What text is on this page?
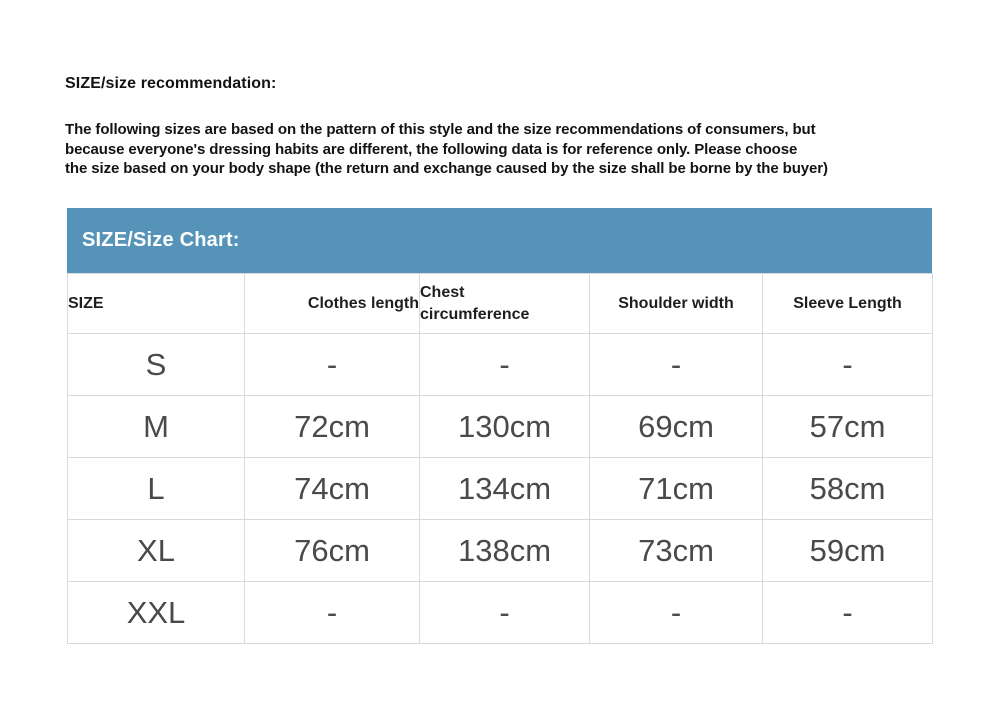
SIZE/size recommendation:
The following sizes are based on the pattern of this style and the size recommendations of consumers, but
because everyone's dressing habits are different, the following data is for reference only. Please choose
the size based on your body shape (the return and exchange caused by the size shall be borne by the buyer)
SIZE/Size Chart:
SIZE	Clothes length	Chest circumference	Shoulder width	Sleeve Length
S	-	-	-	-
M	72cm	130cm	69cm	57cm
L	74cm	134cm	71cm	58cm
XL	76cm	138cm	73cm	59cm
XXL	-	-	-	-
